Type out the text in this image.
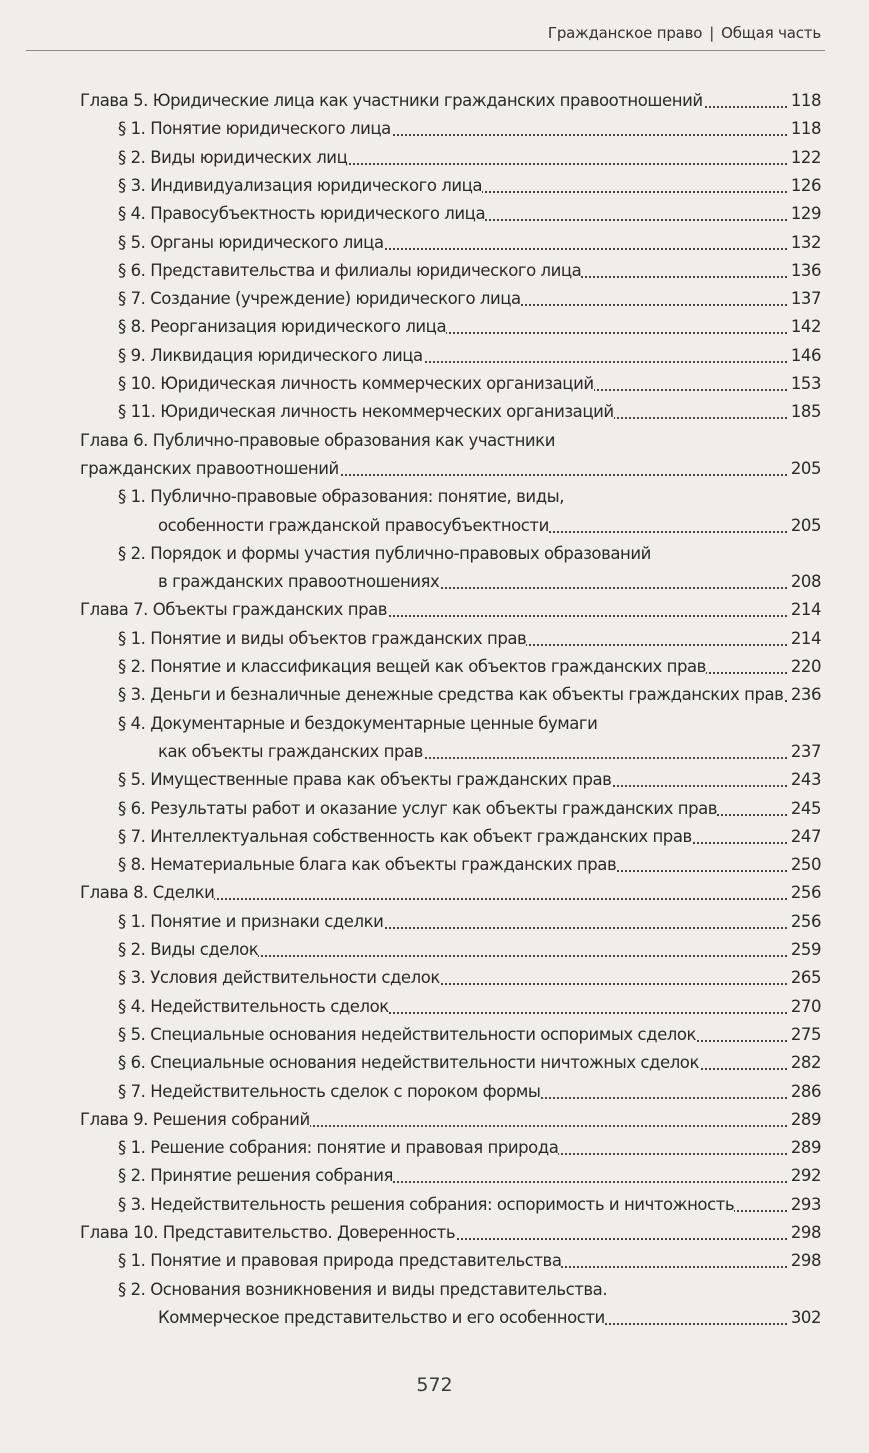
Гражданское право | Общая часть
Глава 5. Юридические лица как участники гражданских правоотношений	118
§ 1. Понятие юридического лица	118
§ 2. Виды юридических лиц	122
§ 3. Индивидуализация юридического лица	126
§ 4. Правосубъектность юридического лица	129
§ 5. Органы юридического лица	132
§ 6. Представительства и филиалы юридического лица	136
§ 7. Создание (учреждение) юридического лица	137
§ 8. Реорганизация юридического лица	142
§ 9. Ликвидация юридического лица	146
§ 10. Юридическая личность коммерческих организаций	153
§ 11. Юридическая личность некоммерческих организаций	185
Глава 6. Публично-правовые образования как участники
гражданских правоотношений	205
§ 1. Публично-правовые образования: понятие, виды,
особенности гражданской правосубъектности	205
§ 2. Порядок и формы участия публично-правовых образований
в гражданских правоотношениях	208
Глава 7. Объекты гражданских прав	214
§ 1. Понятие и виды объектов гражданских прав	214
§ 2. Понятие и классификация вещей как объектов гражданских прав	220
§ 3. Деньги и безналичные денежные средства как объекты гражданских прав 236
§ 4. Документарные и бездокументарные ценные бумаги
как объекты гражданских прав	237
§ 5. Имущественные права как объекты гражданских прав	243
§ 6. Результаты работ и оказание услуг как объекты гражданских прав	245
§ 7. Интеллектуальная собственность как объект гражданских прав	247
§ 8. Нематериальные блага как объекты гражданских прав	250
Глава 8. Сделки	256
§ 1. Понятие и признаки сделки	256
§ 2. Виды сделок	259
§ 3. Условия действительности сделок	265
§ 4. Недействительность сделок	270
§ 5. Специальные основания недействительности оспоримых сделок	275
§ 6. Специальные основания недействительности ничтожных сделок	282
§ 7. Недействительность сделок с пороком формы	286
Глава 9. Решения собраний	289
§ 1. Решение собрания: понятие и правовая природа	289
§ 2. Принятие решения собрания	292
§ 3. Недействительность решения собрания: оспоримость и ничтожность	293
Глава 10. Представительство. Доверенность	298
§ 1. Понятие и правовая природа представительства	298
§ 2. Основания возникновения и виды представительства.
Коммерческое представительство и его особенности	302
572
